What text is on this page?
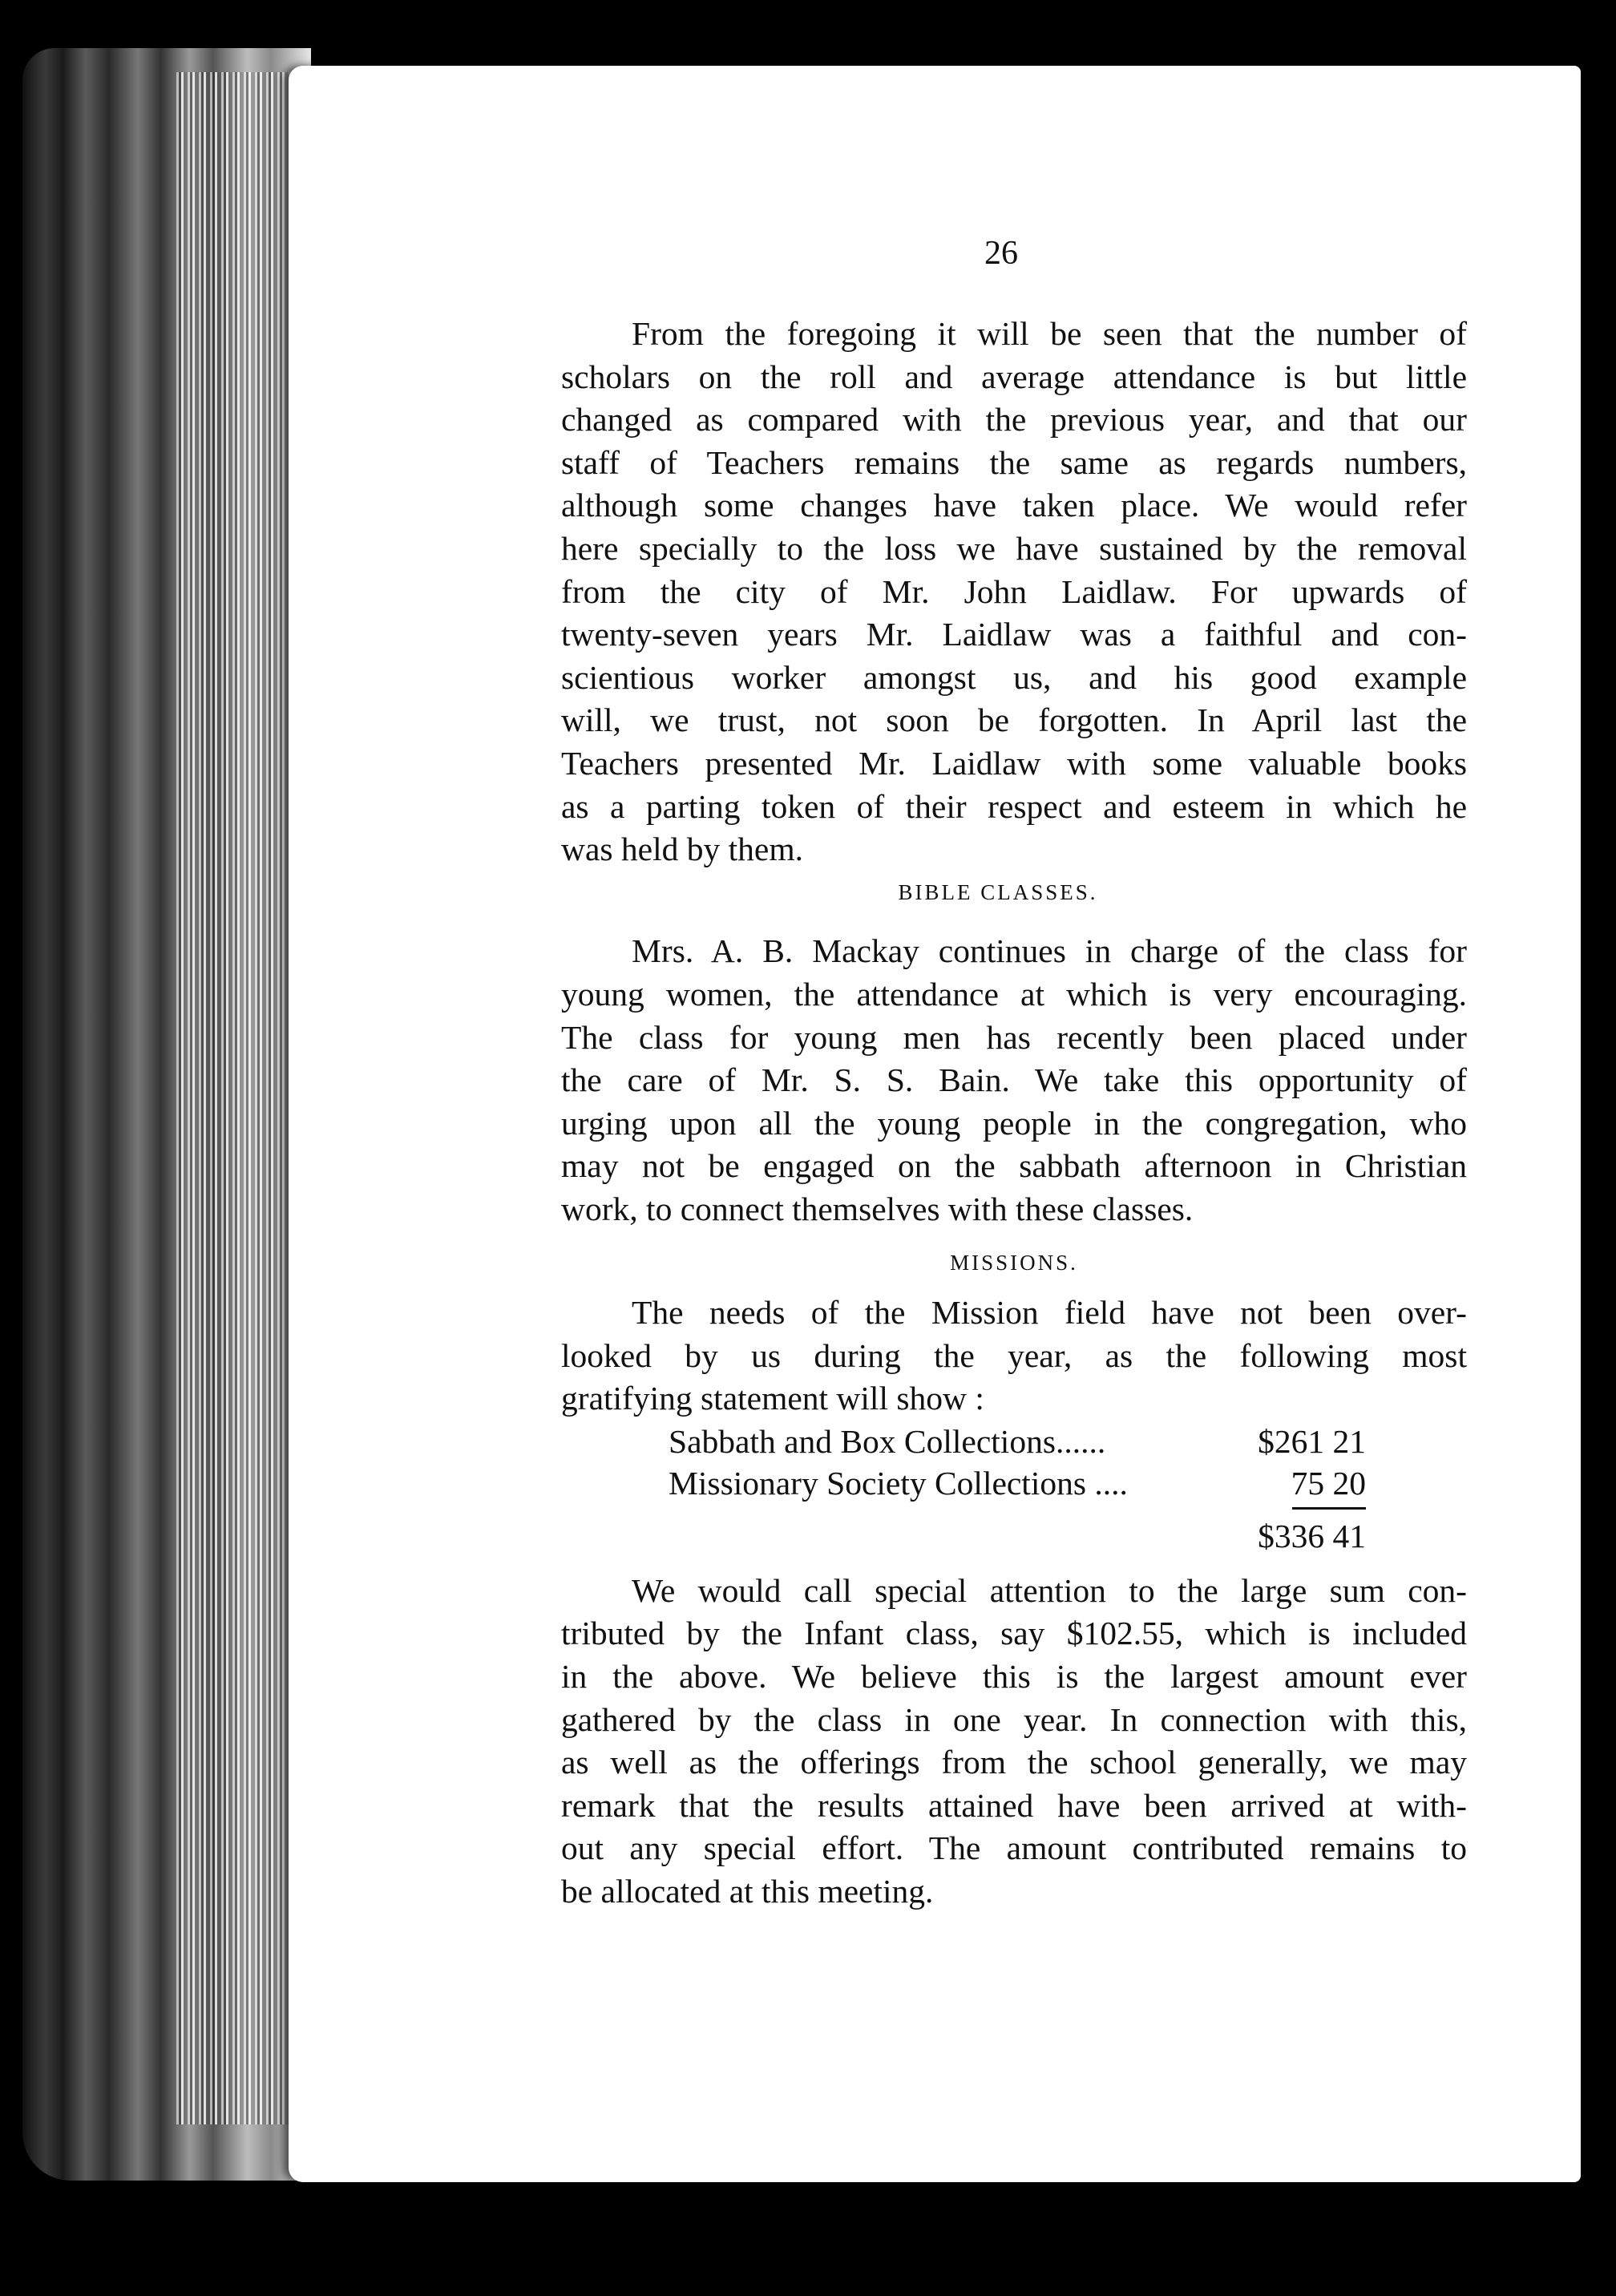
26

From the foregoing it will be seen that the number of
scholars on the roll and average attendance is but little
changed as compared with the previous year, and that our
staff of Teachers remains the same as regards numbers,
although some changes have taken place. We would refer
here specially to the loss we have sustained by the removal
from the city of Mr. John Laidlaw. For upwards of
twenty-seven years Mr. Laidlaw was a faithful and con-
scientious worker amongst us, and his good example
will, we trust, not soon be forgotten. In April last the
Teachers presented Mr. Laidlaw with some valuable books
as a parting token of their respect and esteem in which he
was held by them.

BIBLE CLASSES.

Mrs. A. B. Mackay continues in charge of the class for
young women, the attendance at which is very encouraging.
The class for young men has recently been placed under
the care of Mr. S. S. Bain. We take this opportunity of
urging upon all the young people in the congregation, who
may not be engaged on the sabbath afternoon in Christian
work, to connect themselves with these classes.

MISSIONS.

The needs of the Mission field have not been over-
looked by us during the year, as the following most
gratifying statement will show :

Sabbath and Box Collections......	$261 21
Missionary Society Collections ....	75 20
$336 41

We would call special attention to the large sum con-
tributed by the Infant class, say $102.55, which is included
in the above. We believe this is the largest amount ever
gathered by the class in one year. In connection with this,
as well as the offerings from the school generally, we may
remark that the results attained have been arrived at with-
out any special effort. The amount contributed remains to
be allocated at this meeting.
